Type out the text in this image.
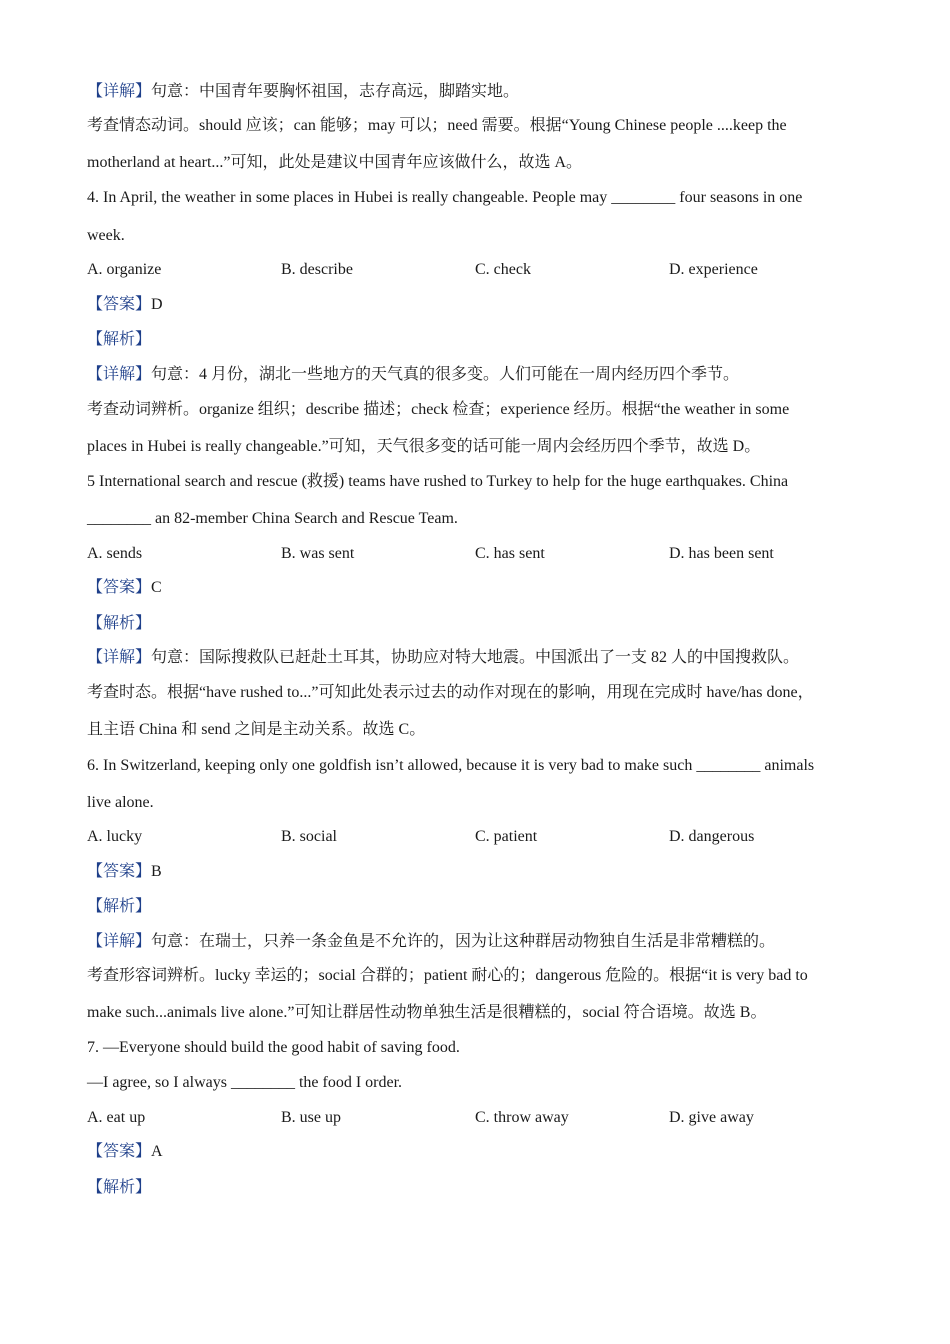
【详解】句意：中国青年要胸怀祖国，志存高远，脚踏实地。
考查情态动词。should 应该；can 能够；may 可以；need 需要。根据“Young Chinese people ....keep the
motherland at heart...”可知，此处是建议中国青年应该做什么，故选 A。
4. In April, the weather in some places in Hubei is really changeable. People may ________ four seasons in one
week.
A. organize	B. describe	C. check	D. experience
【答案】D
【解析】
【详解】句意：4 月份，湖北一些地方的天气真的很多变。人们可能在一周内经历四个季节。
考查动词辨析。organize 组织；describe 描述；check 检查；experience 经历。根据“the weather in some
places in Hubei is really changeable.”可知，天气很多变的话可能一周内会经历四个季节，故选 D。
5 International search and rescue (救援) teams have rushed to Turkey to help for the huge earthquakes. China
________ an 82-member China Search and Rescue Team.
A. sends	B. was sent	C. has sent	D. has been sent
【答案】C
【解析】
【详解】句意：国际搜救队已赶赴土耳其，协助应对特大地震。中国派出了一支 82 人的中国搜救队。
考查时态。根据“have rushed to...”可知此处表示过去的动作对现在的影响，用现在完成时 have/has done，
且主语 China 和 send 之间是主动关系。故选 C。
6. In Switzerland, keeping only one goldfish isn’t allowed, because it is very bad to make such ________ animals
live alone.
A. lucky	B. social	C. patient	D. dangerous
【答案】B
【解析】
【详解】句意：在瑞士，只养一条金鱼是不允许的，因为让这种群居动物独自生活是非常糟糕的。
考查形容词辨析。lucky 幸运的；social 合群的；patient 耐心的；dangerous 危险的。根据“it is very bad to
make such...animals live alone.”可知让群居性动物单独生活是很糟糕的，social 符合语境。故选 B。
7. —Everyone should build the good habit of saving food.
—I agree, so I always ________ the food I order.
A. eat up	B. use up	C. throw away	D. give away
【答案】A
【解析】
